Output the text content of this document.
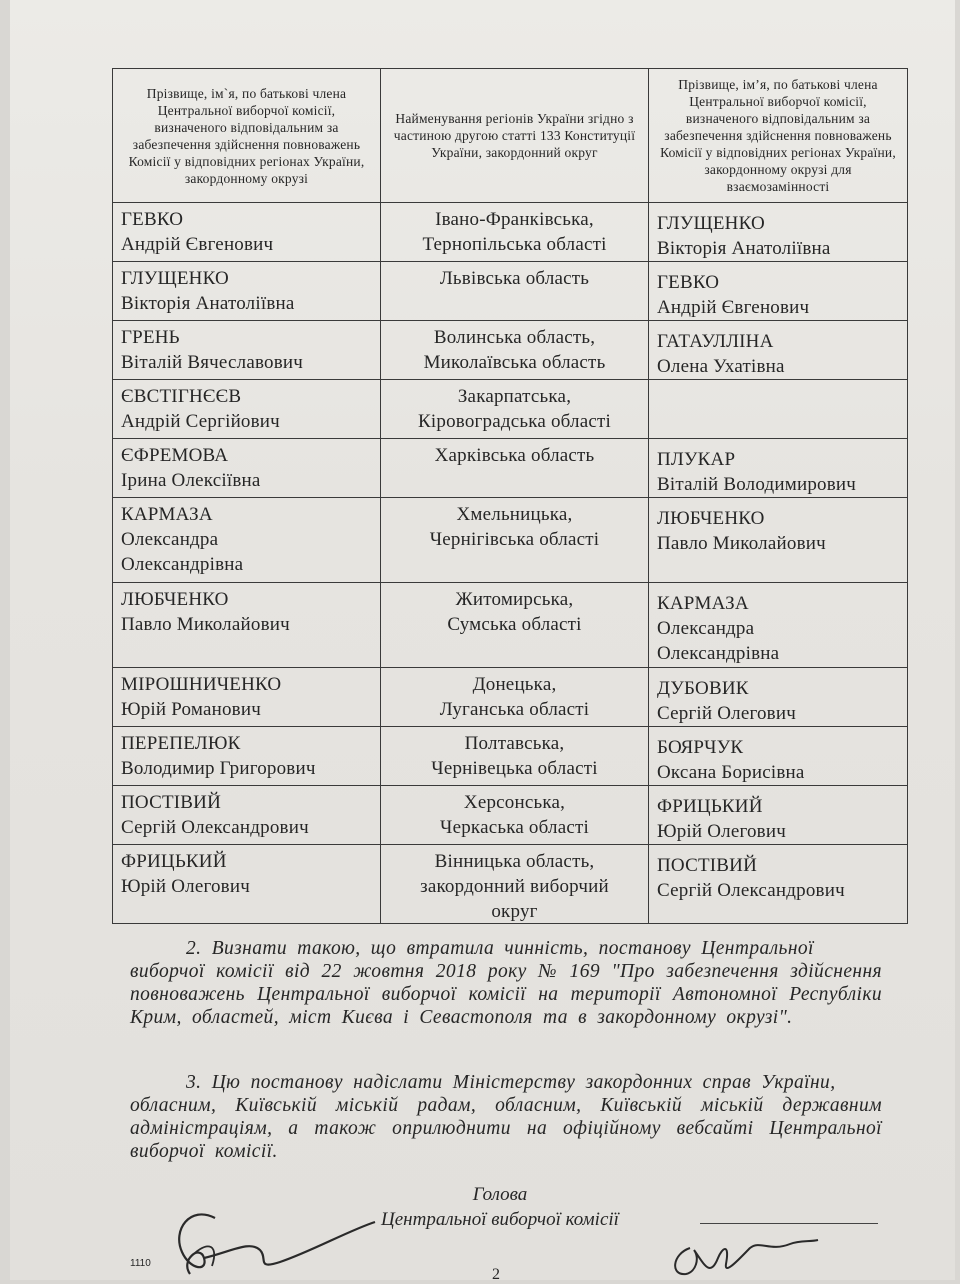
Прізвище, ім`я, по батькові члена Центральної виборчої комісії, визначеного відповідальним за забезпечення здійснення повноважень Комісії у відповідних регіонах України, закордонному окрузі
Найменування регіонів України згідно з частиною другою статті 133 Конституції України, закордонний округ
Прізвище, ім’я, по батькові члена Центральної виборчої комісії, визначеного відповідальним за забезпечення здійснення повноважень Комісії у відповідних регіонах України, закордонному окрузі для взаємозамінності
ГЕВКО
Андрій Євгенович
Івано-Франківська,
Тернопільська області
ГЛУЩЕНКО
Вікторія Анатоліївна
ГЛУЩЕНКО
Вікторія Анатоліївна
Львівська область	ГЕВКО
Андрій Євгенович
ГРЕНЬ
Віталій Вячеславович
Волинська область,
Миколаївська область
ГАТАУЛЛІНА
Олена Ухатівна
ЄВСТІГНЄЄВ
Андрій Сергійович
Закарпатська,
Кіровоградська області
ЄФРЕМОВА
Ірина Олексіївна
Харківська область	ПЛУКАР
Віталій Володимирович
КАРМАЗА
Олександра
Олександрівна
Хмельницька,
Чернігівська області
ЛЮБЧЕНКО
Павло Миколайович
ЛЮБЧЕНКО
Павло Миколайович
Житомирська,
Сумська області
КАРМАЗА
Олександра
Олександрівна
МІРОШНИЧЕНКО
Юрій Романович
Донецька,
Луганська області
ДУБОВИК
Сергій Олегович
ПЕРЕПЕЛЮК
Володимир Григорович
Полтавська,
Чернівецька області
БОЯРЧУК
Оксана Борисівна
ПОСТІВИЙ
Сергій Олександрович
Херсонська,
Черкаська області
ФРИЦЬКИЙ
Юрій Олегович
ФРИЦЬКИЙ
Юрій Олегович
Вінницька область,
закордонний виборчий
округ
ПОСТІВИЙ
Сергій Олександрович
2. Визнати такою, що втратила чинність, постанову Центральної
виборчої комісії від 22 жовтня 2018 року № 169 "Про забезпечення здійснення повноважень Центральної виборчої комісії на території Автономної Республіки Крим, областей, міст Києва і Севастополя та в закордонному окрузі".
3. Цю постанову надіслати Міністерству закордонних справ України,
обласним, Київській міській радам, обласним, Київській міській державним адміністраціям, а також оприлюднити на офіційному вебсайті Центральної виборчої комісії.
Голова
Центральної виборчої комісії
1110
2
